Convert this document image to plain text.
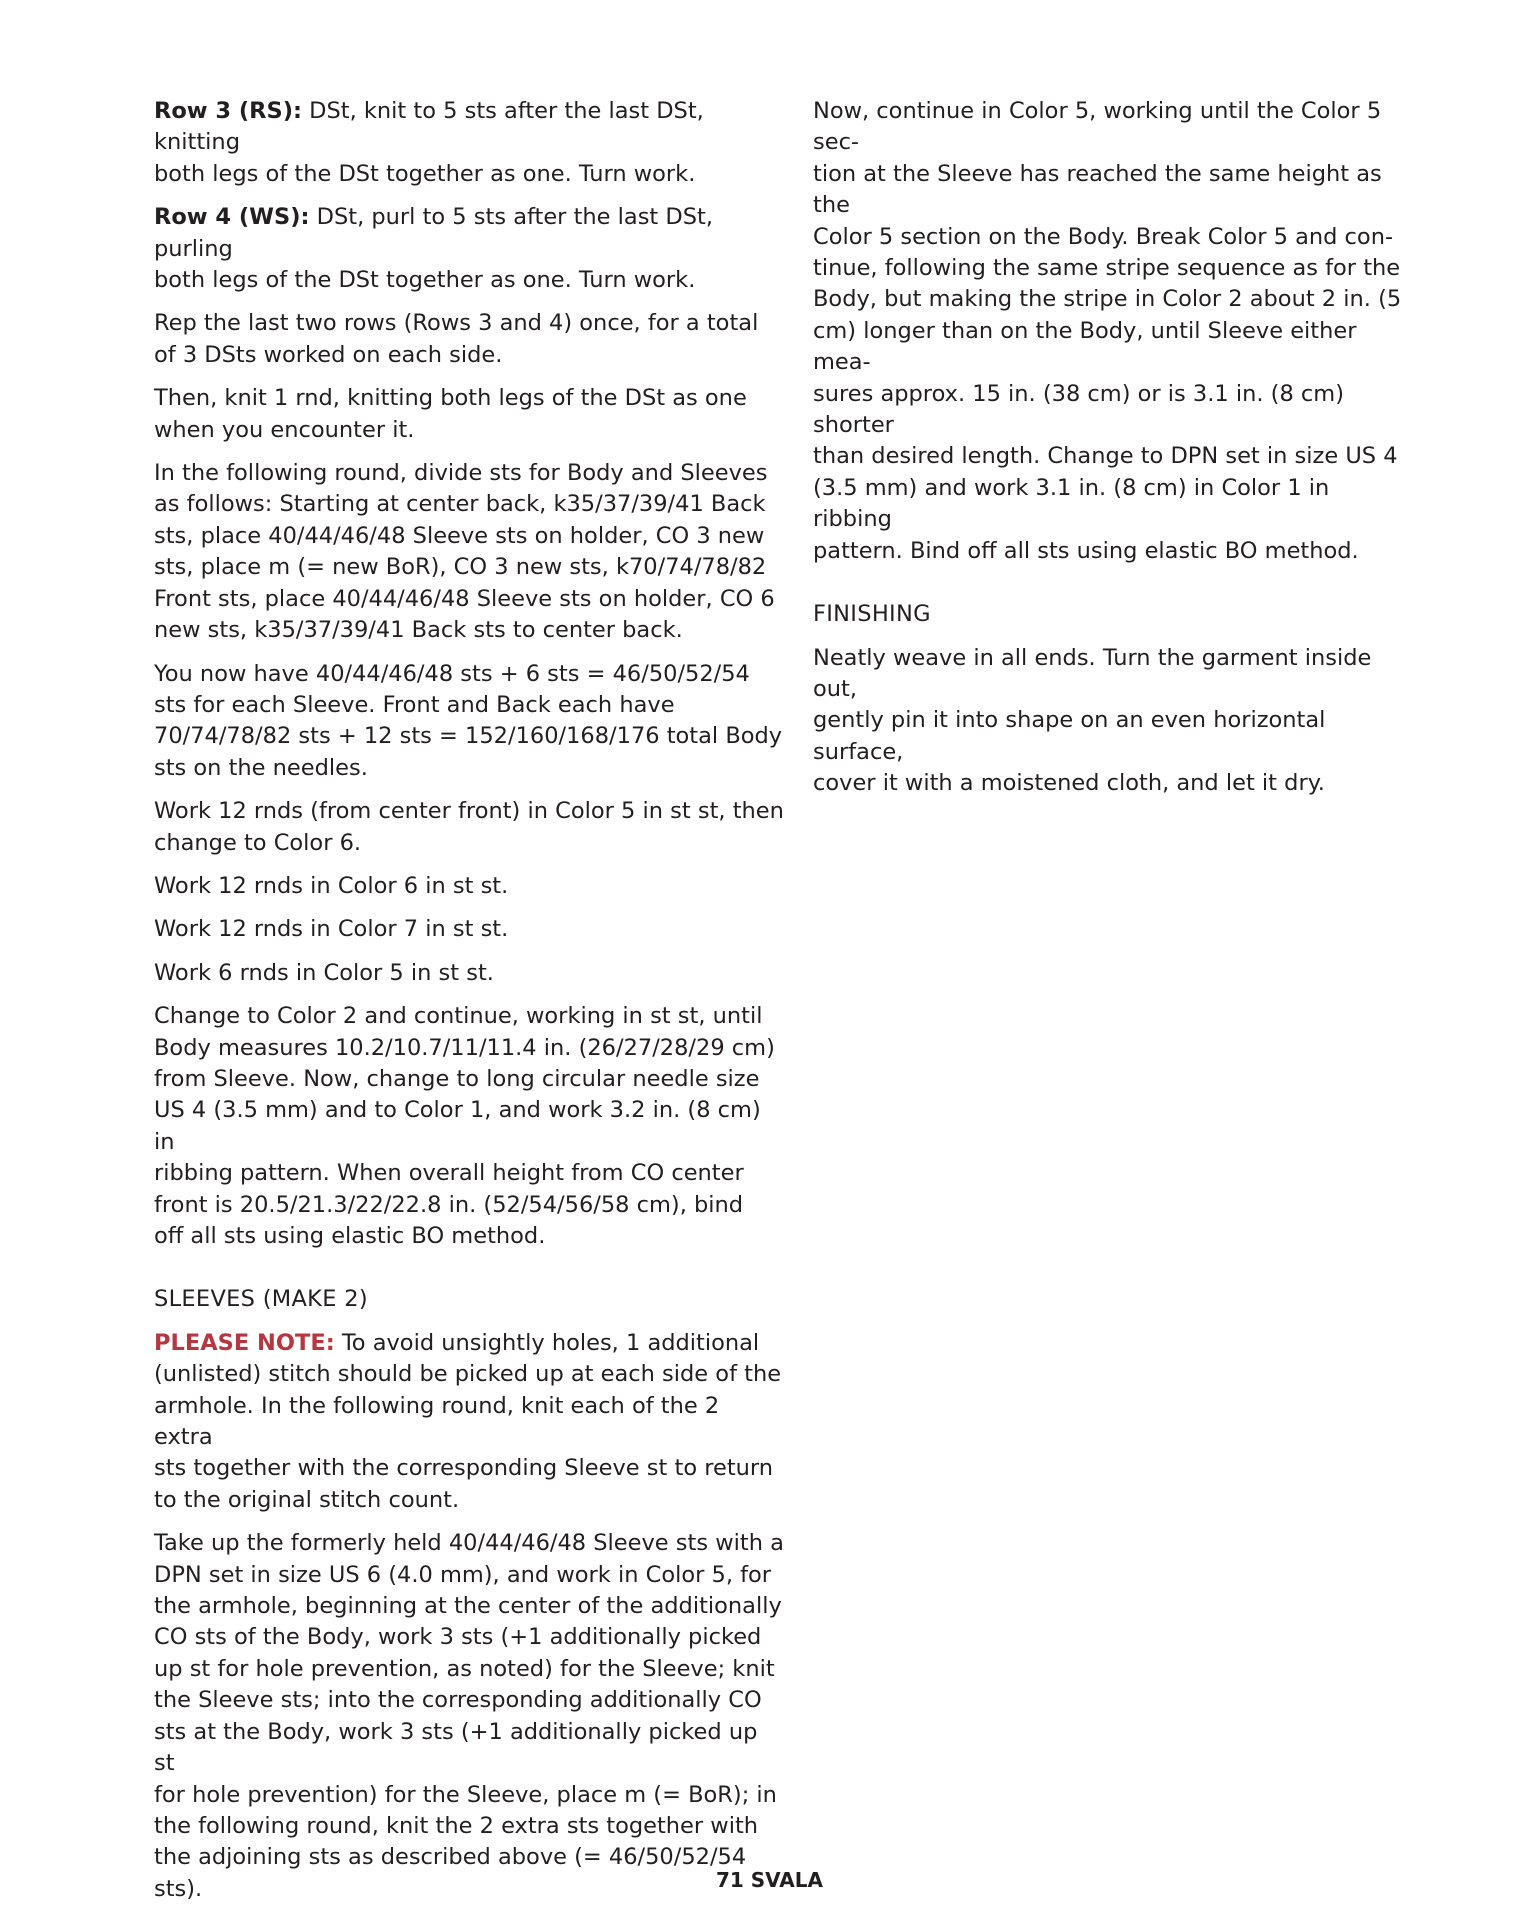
Row 3 (RS): DSt, knit to 5 sts after the last DSt, knitting
both legs of the DSt together as one. Turn work.

Row 4 (WS): DSt, purl to 5 sts after the last DSt, purling
both legs of the DSt together as one. Turn work.

Rep the last two rows (Rows 3 and 4) once, for a total
of 3 DSts worked on each side.

Then, knit 1 rnd, knitting both legs of the DSt as one
when you encounter it.

In the following round, divide sts for Body and Sleeves
as follows: Starting at center back, k35/37/39/41 Back
sts, place 40/44/46/48 Sleeve sts on holder, CO 3 new
sts, place m (= new BoR), CO 3 new sts, k70/74/78/82
Front sts, place 40/44/46/48 Sleeve sts on holder, CO 6
new sts, k35/37/39/41 Back sts to center back.

You now have 40/44/46/48 sts + 6 sts = 46/50/52/54
sts for each Sleeve. Front and Back each have
70/74/78/82 sts + 12 sts = 152/160/168/176 total Body
sts on the needles.

Work 12 rnds (from center front) in Color 5 in st st, then
change to Color 6.

Work 12 rnds in Color 6 in st st.

Work 12 rnds in Color 7 in st st.

Work 6 rnds in Color 5 in st st.

Change to Color 2 and continue, working in st st, until
Body measures 10.2/10.7/11/11.4 in. (26/27/28/29 cm)
from Sleeve. Now, change to long circular needle size
US 4 (3.5 mm) and to Color 1, and work 3.2 in. (8 cm) in
ribbing pattern. When overall height from CO center
front is 20.5/21.3/22/22.8 in. (52/54/56/58 cm), bind
off all sts using elastic BO method.

SLEEVES (MAKE 2)

PLEASE NOTE: To avoid unsightly holes, 1 additional
(unlisted) stitch should be picked up at each side of the
armhole. In the following round, knit each of the 2 extra
sts together with the corresponding Sleeve st to return
to the original stitch count.

Take up the formerly held 40/44/46/48 Sleeve sts with a
DPN set in size US 6 (4.0 mm), and work in Color 5, for
the armhole, beginning at the center of the additionally
CO sts of the Body, work 3 sts (+1 additionally picked
up st for hole prevention, as noted) for the Sleeve; knit
the Sleeve sts; into the corresponding additionally CO
sts at the Body, work 3 sts (+1 additionally picked up st
for hole prevention) for the Sleeve, place m (= BoR); in
the following round, knit the 2 extra sts together with
the adjoining sts as described above (= 46/50/52/54
sts).

Now, continue in Color 5, working until the Color 5 sec-
tion at the Sleeve has reached the same height as the
Color 5 section on the Body. Break Color 5 and con-
tinue, following the same stripe sequence as for the
Body, but making the stripe in Color 2 about 2 in. (5
cm) longer than on the Body, until Sleeve either mea-
sures approx. 15 in. (38 cm) or is 3.1 in. (8 cm) shorter
than desired length. Change to DPN set in size US 4
(3.5 mm) and work 3.1 in. (8 cm) in Color 1 in ribbing
pattern. Bind off all sts using elastic BO method.

FINISHING

Neatly weave in all ends. Turn the garment inside out,
gently pin it into shape on an even horizontal surface,
cover it with a moistened cloth, and let it dry.

71 SVALA
